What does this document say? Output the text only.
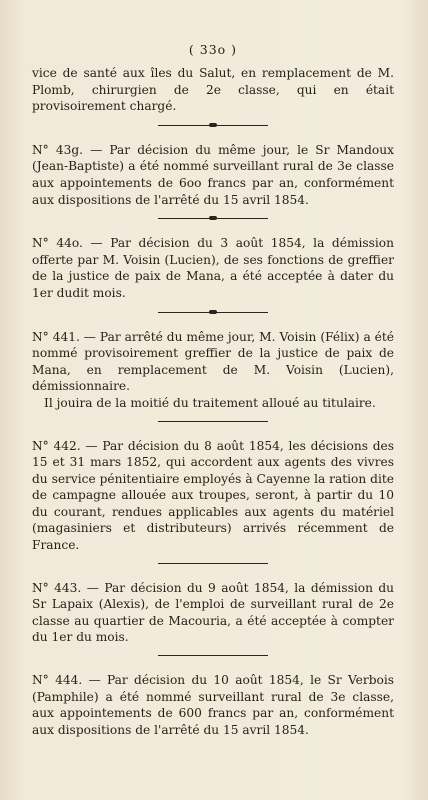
( 33o )

vice de santé aux îles du Salut, en remplacement de M. Plomb, chirurgien de 2e classe, qui en était provisoirement chargé.

N° 43g. — Par décision du même jour, le Sr Mandoux (Jean-Baptiste) a été nommé surveillant rural de 3e classe aux appointements de 6oo francs par an, conformément aux dispositions de l'arrêté du 15 avril 1854.

N° 44o. — Par décision du 3 août 1854, la démission offerte par M. Voisin (Lucien), de ses fonctions de greffier de la justice de paix de Mana, a été acceptée à dater du 1er dudit mois.

N° 441. — Par arrêté du même jour, M. Voisin (Félix) a été nommé provisoirement greffier de la justice de paix de Mana, en remplacement de M. Voisin (Lucien), démissionnaire.

Il jouira de la moitié du traitement alloué au titulaire.

N° 442. — Par décision du 8 août 1854, les décisions des 15 et 31 mars 1852, qui accordent aux agents des vivres du service pénitentiaire employés à Cayenne la ration dite de campagne allouée aux troupes, seront, à partir du 10 du courant, rendues applicables aux agents du matériel (magasiniers et distributeurs) arrivés récemment de France.

N° 443. — Par décision du 9 août 1854, la démission du Sr Lapaix (Alexis), de l'emploi de surveillant rural de 2e classe au quartier de Macouria, a été acceptée à compter du 1er du mois.

N° 444. — Par décision du 10 août 1854, le Sr Verbois (Pamphile) a été nommé surveillant rural de 3e classe, aux appointements de 600 francs par an, conformément aux dispositions de l'arrêté du 15 avril 1854.
